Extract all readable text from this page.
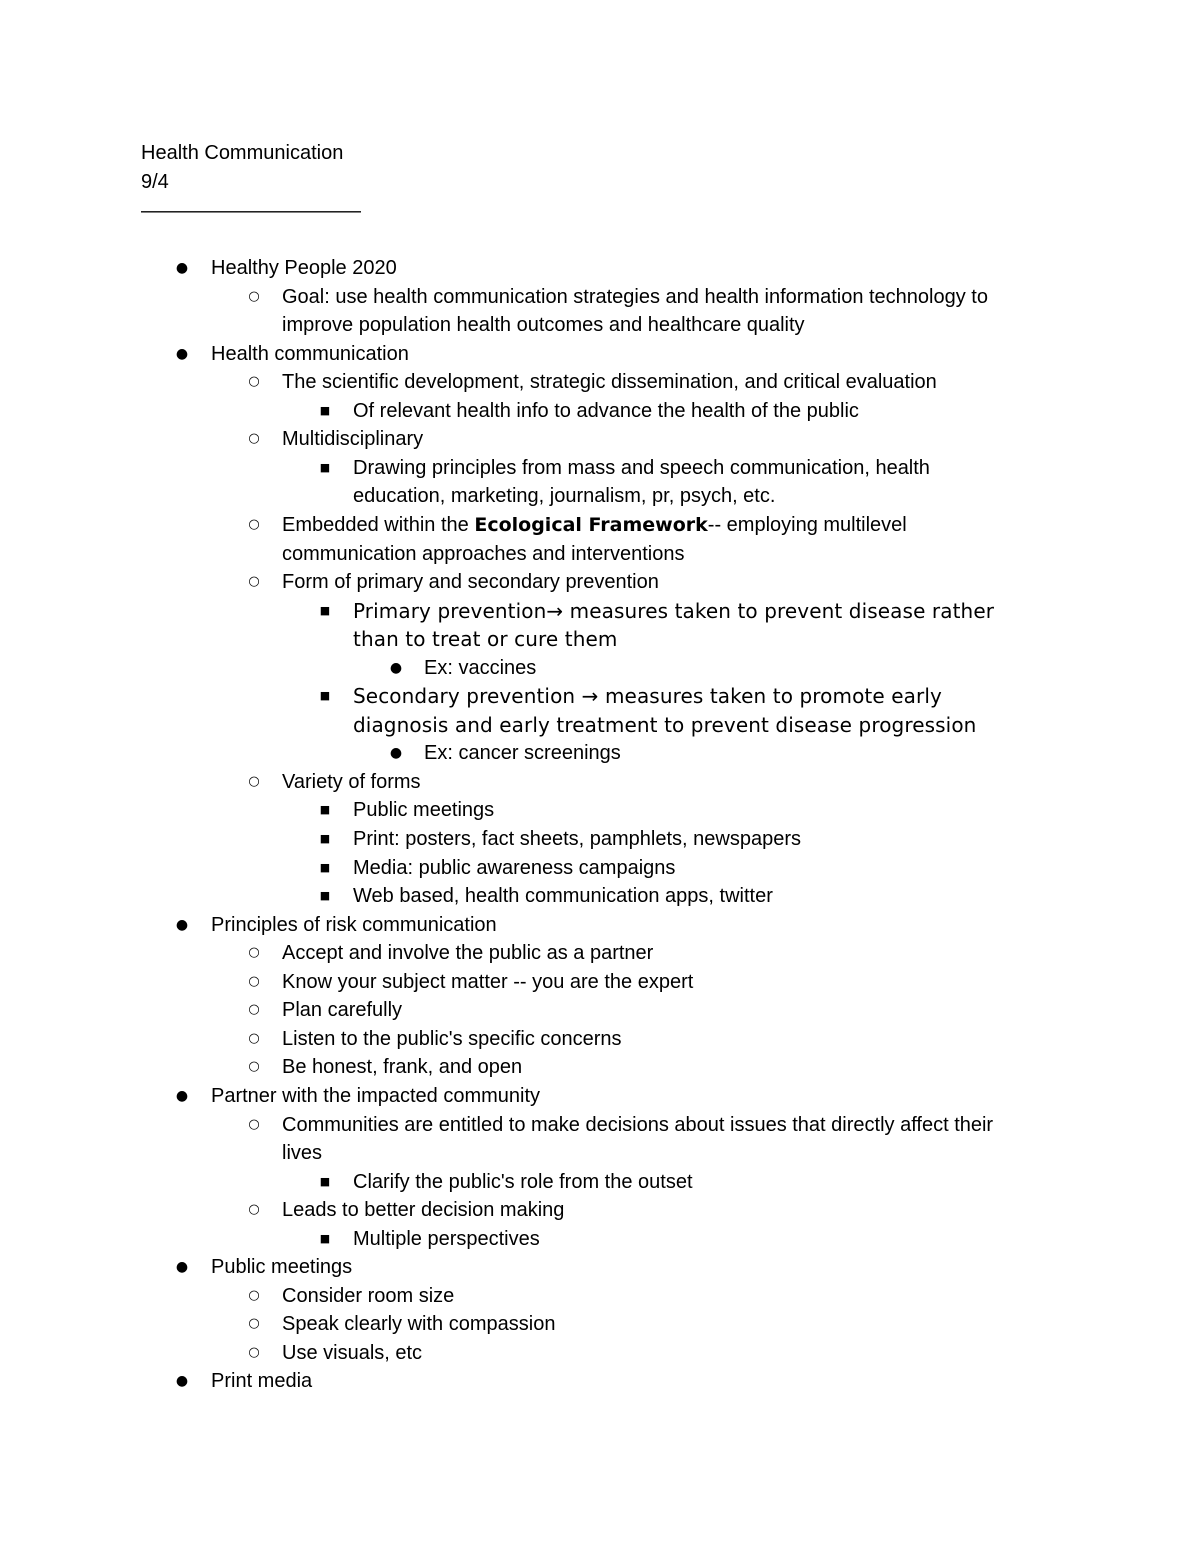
Health Communication
9/4
———————————
● Healthy People 2020
○	Goal: use health communication strategies and health information technology to
improve population health outcomes and healthcare quality
● Health communication
○	The scientific development, strategic dissemination, and critical evaluation
■	Of relevant health info to advance the health of the public
○	Multidisciplinary
■	Drawing principles from mass and speech communication, health
education, marketing, journalism, pr, psych, etc.
○	Embedded within the Ecological Framework-- employing multilevel
communication approaches and interventions
○	Form of primary and secondary prevention
■	Primary prevention→ measures taken to prevent disease rather
than to treat or cure them
● Ex: vaccines
■	Secondary prevention → measures taken to promote early
diagnosis and early treatment to prevent disease progression
● Ex: cancer screenings
○	Variety of forms
■	Public meetings
■	Print: posters, fact sheets, pamphlets, newspapers
■	Media: public awareness campaigns
■	Web based, health communication apps, twitter
● Principles of risk communication
○	Accept and involve the public as a partner
○	Know your subject matter -- you are the expert
○	Plan carefully
○	Listen to the public's specific concerns
○	Be honest, frank, and open
● Partner with the impacted community
○	Communities are entitled to make decisions about issues that directly affect their
lives
■	Clarify the public's role from the outset
○	Leads to better decision making
■	Multiple perspectives
● Public meetings
○	Consider room size
○	Speak clearly with compassion
○	Use visuals, etc
● Print media
